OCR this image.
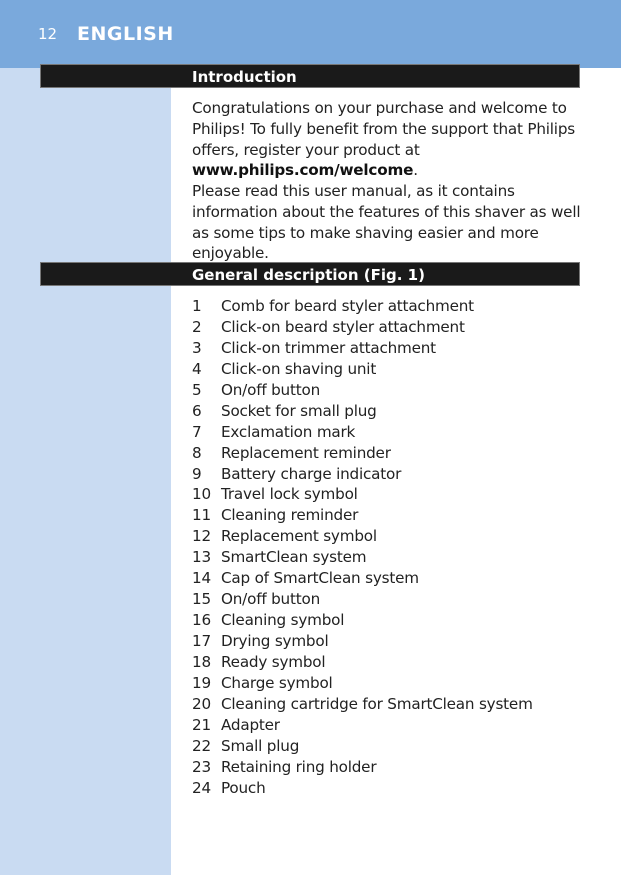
12 ENGLISH
Introduction
Congratulations on your purchase and welcome to Philips! To fully benefit from the support that Philips offers, register your product at www.philips.com/welcome.
Please read this user manual, as it contains information about the features of this shaver as well as some tips to make shaving easier and more enjoyable.
General description (Fig. 1)
1	Comb for beard styler attachment
2	Click-on beard styler attachment
3	Click-on trimmer attachment
4	Click-on shaving unit
5	On/off button
6	Socket for small plug
7	Exclamation mark
8	Replacement reminder
9	Battery charge indicator
10 Travel lock symbol
11 Cleaning reminder
12 Replacement symbol
13 SmartClean system
14 Cap of SmartClean system
15 On/off button
16 Cleaning symbol
17 Drying symbol
18 Ready symbol
19 Charge symbol
20 Cleaning cartridge for SmartClean system
21 Adapter
22 Small plug
23 Retaining ring holder
24 Pouch
